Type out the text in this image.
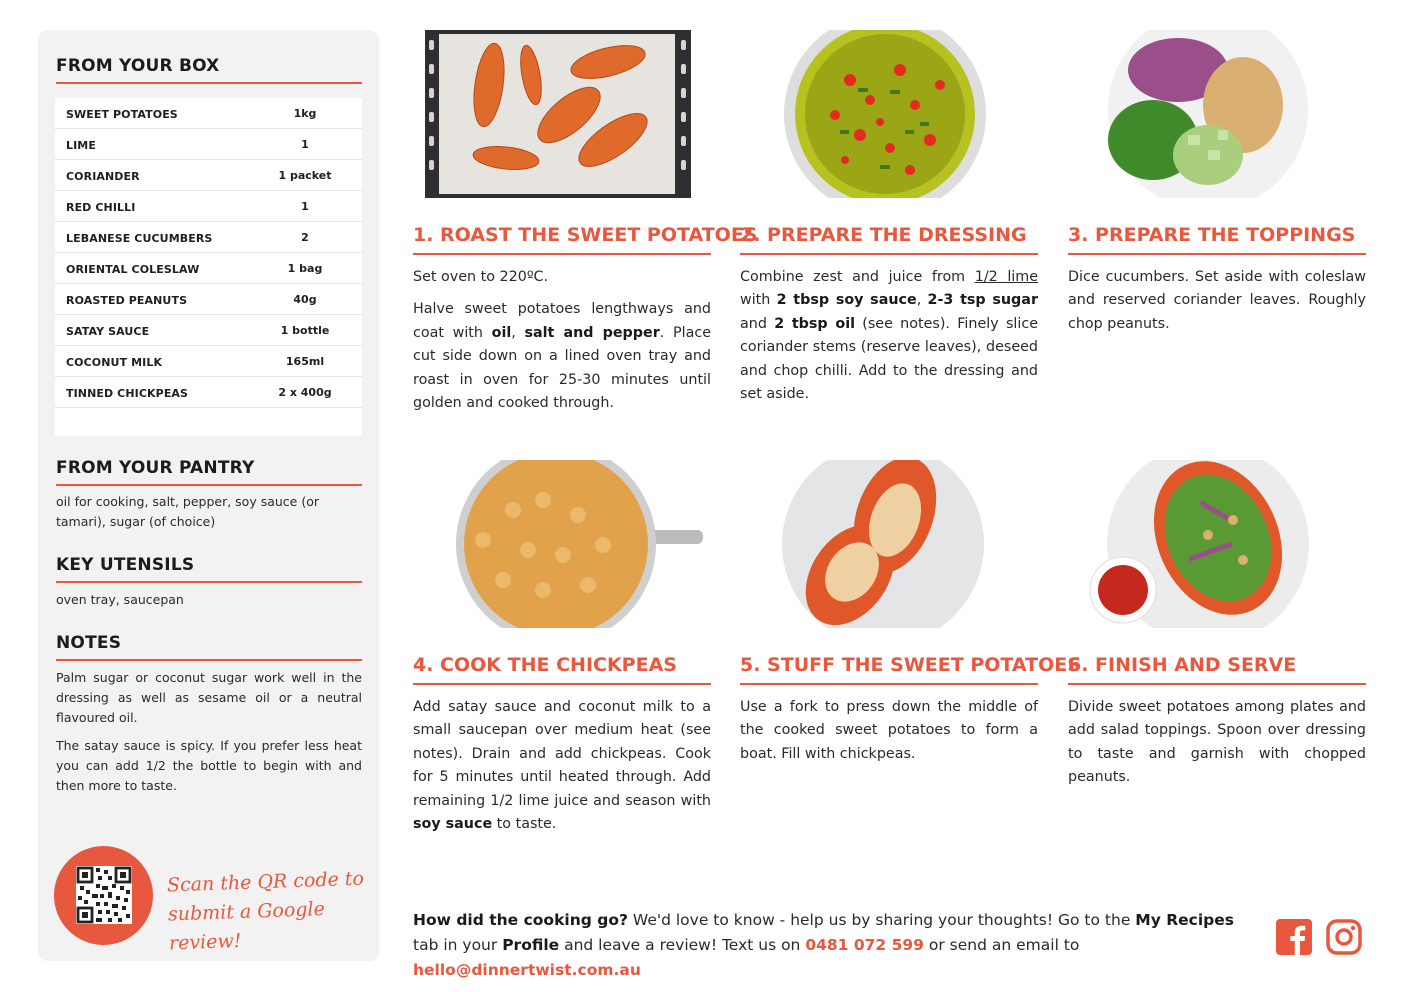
FROM YOUR BOX
SWEET POTATOES	1kg
LIME	1
CORIANDER	1 packet
RED CHILLI	1
LEBANESE CUCUMBERS	2
ORIENTAL COLESLAW	1 bag
ROASTED PEANUTS	40g
SATAY SAUCE	1 bottle
COCONUT MILK	165ml
TINNED CHICKPEAS	2 x 400g
FROM YOUR PANTRY
oil for cooking, salt, pepper, soy sauce (or tamari), sugar (of choice)
KEY UTENSILS
oven tray, saucepan
NOTES
Palm sugar or coconut sugar work well in the dressing as well as sesame oil or a neutral flavoured oil.
The satay sauce is spicy. If you prefer less heat you can add 1/2 the bottle to begin with and then more to taste.
Scan the QR code to
submit a Google review!
1. ROAST THE SWEET POTATOES
2. PREPARE THE DRESSING	3. PREPARE THE TOPPINGS
4. COOK THE CHICKPEAS	5. STUFF THE SWEET POTATOES
6. FINISH AND SERVE

Set oven to 220ºC.

Halve sweet potatoes lengthways and coat with oil, salt and pepper. Place cut side down on a lined oven tray and roast in oven for 25-30 minutes until golden and cooked through.

Combine zest and juice from 1/2 lime with 2 tbsp soy sauce, 2-3 tsp sugar and 2 tbsp oil (see notes). Finely slice coriander stems (reserve leaves), deseed and chop chilli. Add to the dressing and set aside.

Dice cucumbers. Set aside with coleslaw and reserved coriander leaves. Roughly chop peanuts.

Add satay sauce and coconut milk to a small saucepan over medium heat (see notes). Drain and add chickpeas. Cook for 5 minutes until heated through. Add remaining 1/2 lime juice and season with soy sauce to taste.

Use a fork to press down the middle of the cooked sweet potatoes to form a boat. Fill with chickpeas.

Divide sweet potatoes among plates and add salad toppings. Spoon over dressing to taste and garnish with chopped peanuts.

How did the cooking go? We'd love to know - help us by sharing your thoughts! Go to the My Recipes tab in your Profile and leave a review! Text us on 0481 072 599 or send an email to hello@dinnertwist.com.au
